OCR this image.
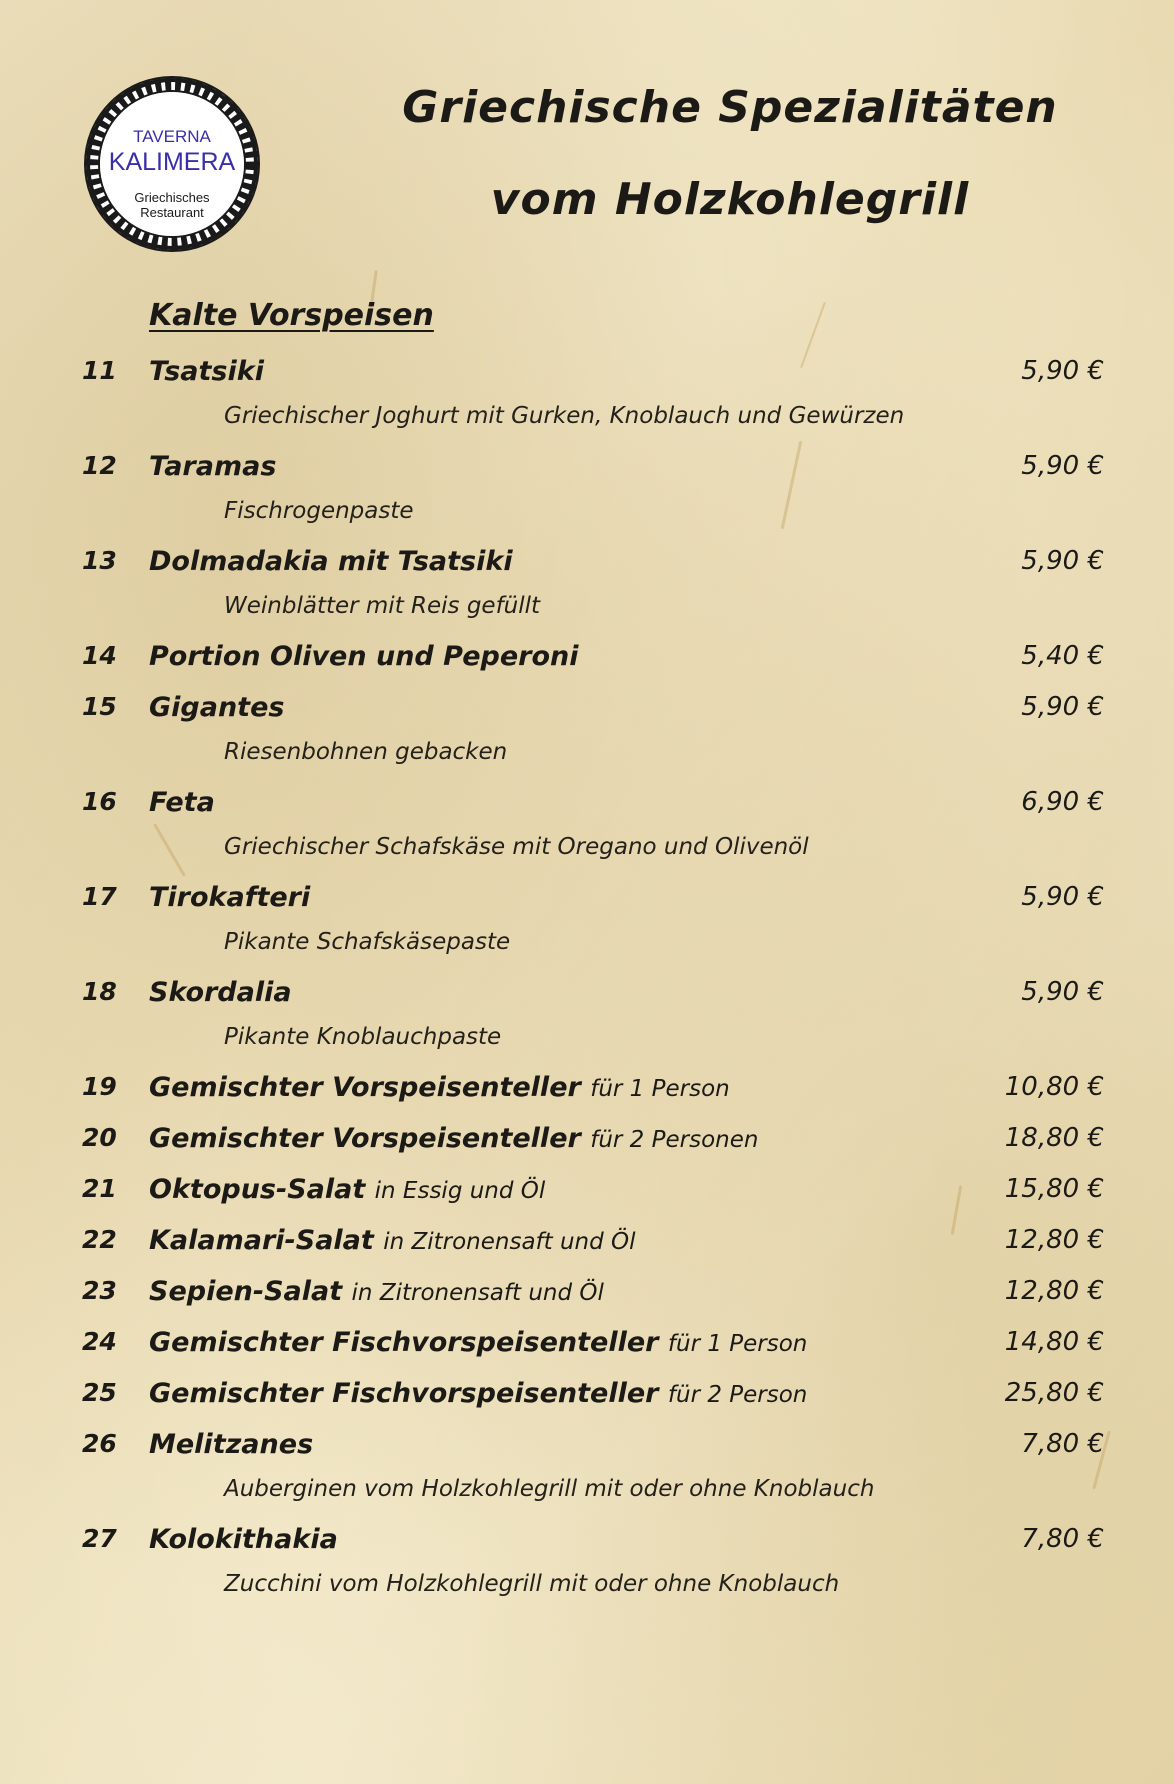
TAVERNA
KALIMERA
Griechisches
Restaurant
Griechische Spezialitäten
vom Holzkohlegrill
Kalte Vorspeisen
11 Tsatsiki	5,90 €
Griechischer Joghurt mit Gurken, Knoblauch und Gewürzen
12 Taramas	5,90 €
Fischrogenpaste
13 Dolmadakia mit Tsatsiki	5,90 €
Weinblätter mit Reis gefüllt
14 Portion Oliven und Peperoni	5,40 €
15 Gigantes	5,90 €
Riesenbohnen gebacken
16 Feta	6,90 €
Griechischer Schafskäse mit Oregano und Olivenöl
17 Tirokafteri	5,90 €
Pikante Schafskäsepaste
18 Skordalia	5,90 €
Pikante Knoblauchpaste
19 Gemischter Vorspeisenteller für 1 Person	10,80 €
20 Gemischter Vorspeisenteller für 2 Personen	18,80 €
21 Oktopus-Salat in Essig und Öl	15,80 €
22 Kalamari-Salat in Zitronensaft und Öl	12,80 €
23 Sepien-Salat in Zitronensaft und Öl	12,80 €
24 Gemischter Fischvorspeisenteller für 1 Person	14,80 €
25 Gemischter Fischvorspeisenteller für 2 Person	25,80 €
26 Melitzanes	7,80 €
Auberginen vom Holzkohlegrill mit oder ohne Knoblauch
27 Kolokithakia	7,80 €
Zucchini vom Holzkohlegrill mit oder ohne Knoblauch
